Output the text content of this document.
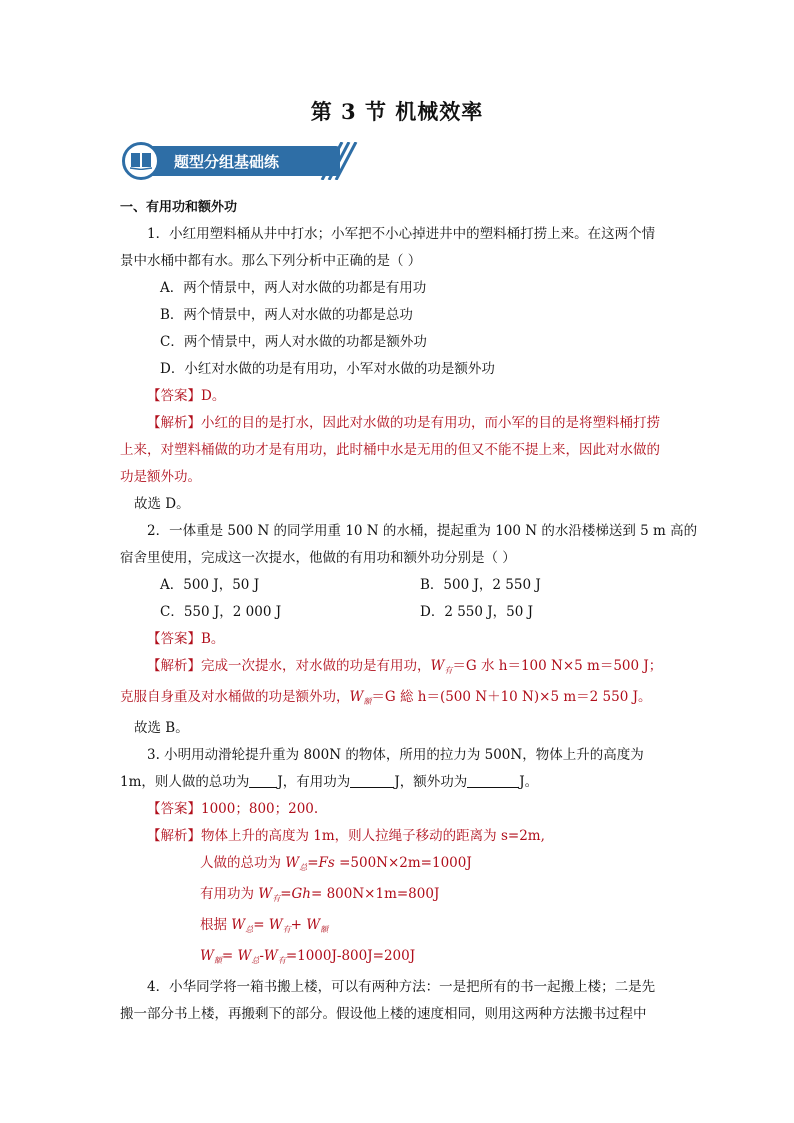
第 3 节 机械效率
题型分组基础练
一、有用功和额外功
1．小红用塑料桶从井中打水；小军把不小心掉进井中的塑料桶打捞上来。在这两个情
景中水桶中都有水。那么下列分析中正确的是（ ）
A．两个情景中，两人对水做的功都是有用功
B．两个情景中，两人对水做的功都是总功
C．两个情景中，两人对水做的功都是额外功
D．小红对水做的功是有用功，小军对水做的功是额外功
【答案】D。
【解析】小红的目的是打水，因此对水做的功是有用功，而小军的目的是将塑料桶打捞
上来，对塑料桶做的功才是有用功，此时桶中水是无用的但又不能不提上来，因此对水做的
功是额外功。
故选 D。
2．一体重是 500 N 的同学用重 10 N 的水桶，提起重为 100 N 的水沿楼梯送到 5 m 高的
宿舍里使用，完成这一次提水，他做的有用功和额外功分别是（ ）
A．500 J，50 J	B．500 J，2 550 J
C．550 J，2 000 J	D．2 550 J，50 J
【答案】B。
【解析】完成一次提水，对水做的功是有用功，$W_有=G$ 水 h＝100 N×5 m＝500 J；
克服自身重及对水桶做的功是额外功，$W_額=G$ 総 h＝(500 N＋10 N)×5 m＝2 550 J。
故选 B。
3. 小明用动滑轮提升重为 800N 的物体，所用的拉力为 500N，物体上升的高度为
1m，则人做的总功为 J，有用功为	J，额外功为	J。
【答案】1000；800；200.
【解析】物体上升的高度为 1m，则人拉绳子移动的距离为 s=2m,
人做的总功为 $W_总=Fs =500N\times 2m=1000J$
有用功为 $W_有=Gh= 800N\times 1m=800J$
根据 $W_总= W_有+ W_額$
$W_額= W_总-W_有=1000J-800J=200J$
4．小华同学将一箱书搬上楼，可以有两种方法：一是把所有的书一起搬上楼；二是先
搬一部分书上楼，再搬剩下的部分。假设他上楼的速度相同，则用这两种方法搬书过程中
